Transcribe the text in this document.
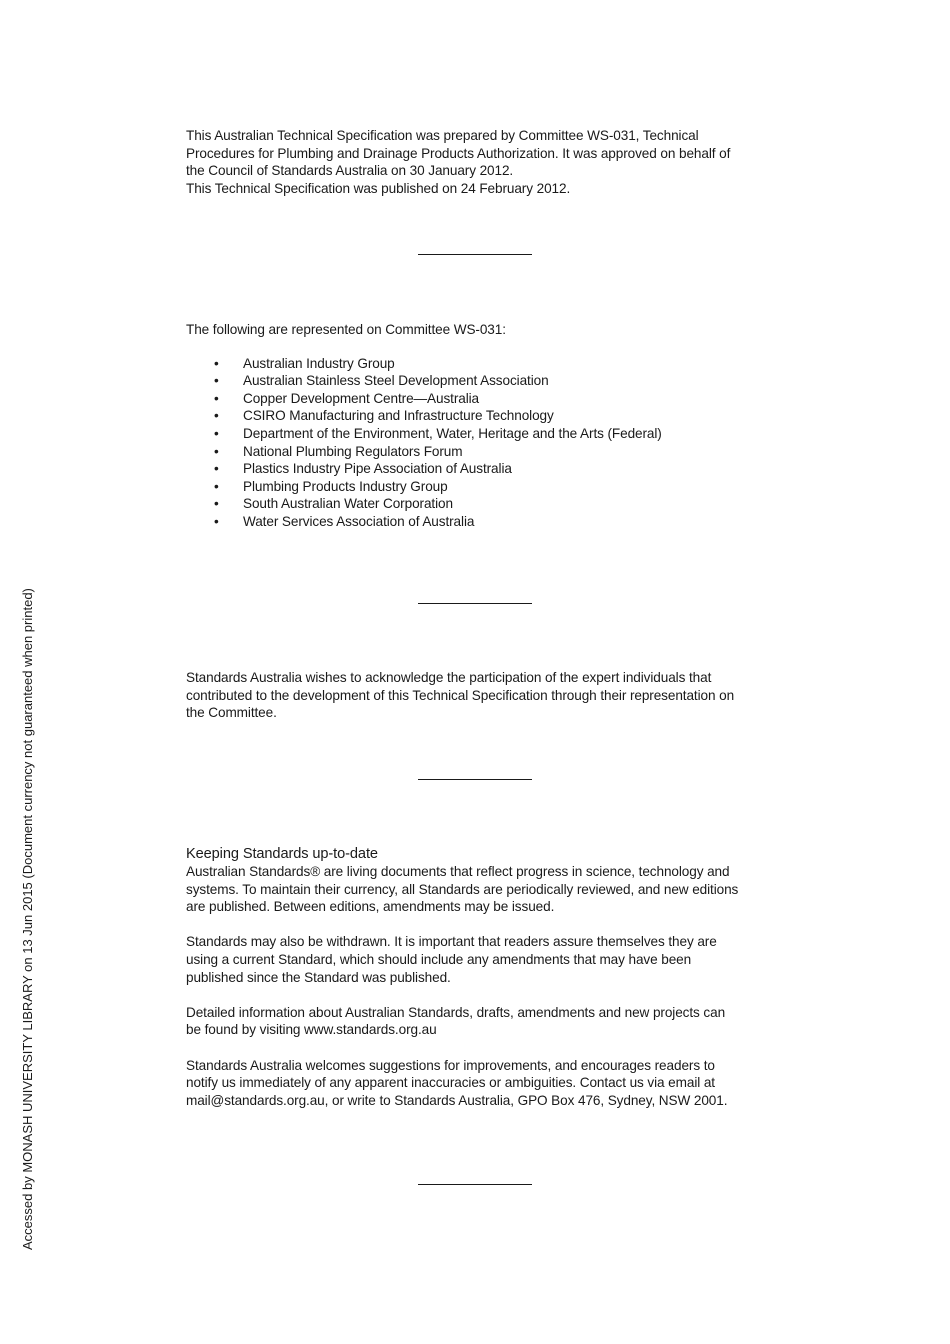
This Australian Technical Specification was prepared by Committee WS-031, Technical

Procedures for Plumbing and Drainage Products Authorization. It was approved on behalf of

the Council of Standards Australia on 30 January 2012.

This Technical Specification was published on 24 February 2012.

The following are represented on Committee WS-031:

• Australian Industry Group
• Australian Stainless Steel Development Association
• Copper Development Centre—Australia
• CSIRO Manufacturing and Infrastructure Technology
• Department of the Environment, Water, Heritage and the Arts (Federal)
• National Plumbing Regulators Forum
• Plastics Industry Pipe Association of Australia
• Plumbing Products Industry Group
• South Australian Water Corporation
• Water Services Association of Australia

Standards Australia wishes to acknowledge the participation of the expert individuals that

contributed to the development of this Technical Specification through their representation on

the Committee.

Keeping Standards up-to-date

Australian Standards® are living documents that reflect progress in science, technology and

systems. To maintain their currency, all Standards are periodically reviewed, and new editions

are published. Between editions, amendments may be issued.

Standards may also be withdrawn. It is important that readers assure themselves they are

using a current Standard, which should include any amendments that may have been

published since the Standard was published.

Detailed information about Australian Standards, drafts, amendments and new projects can

be found by visiting www.standards.org.au

Standards Australia welcomes suggestions for improvements, and encourages readers to

notify us immediately of any apparent inaccuracies or ambiguities. Contact us via email at

mail@standards.org.au, or write to Standards Australia, GPO Box 476, Sydney, NSW 2001.

Accessed by MONASH UNIVERSITY LIBRARY on 13 Jun 2015 (Document currency not guaranteed when printed)
